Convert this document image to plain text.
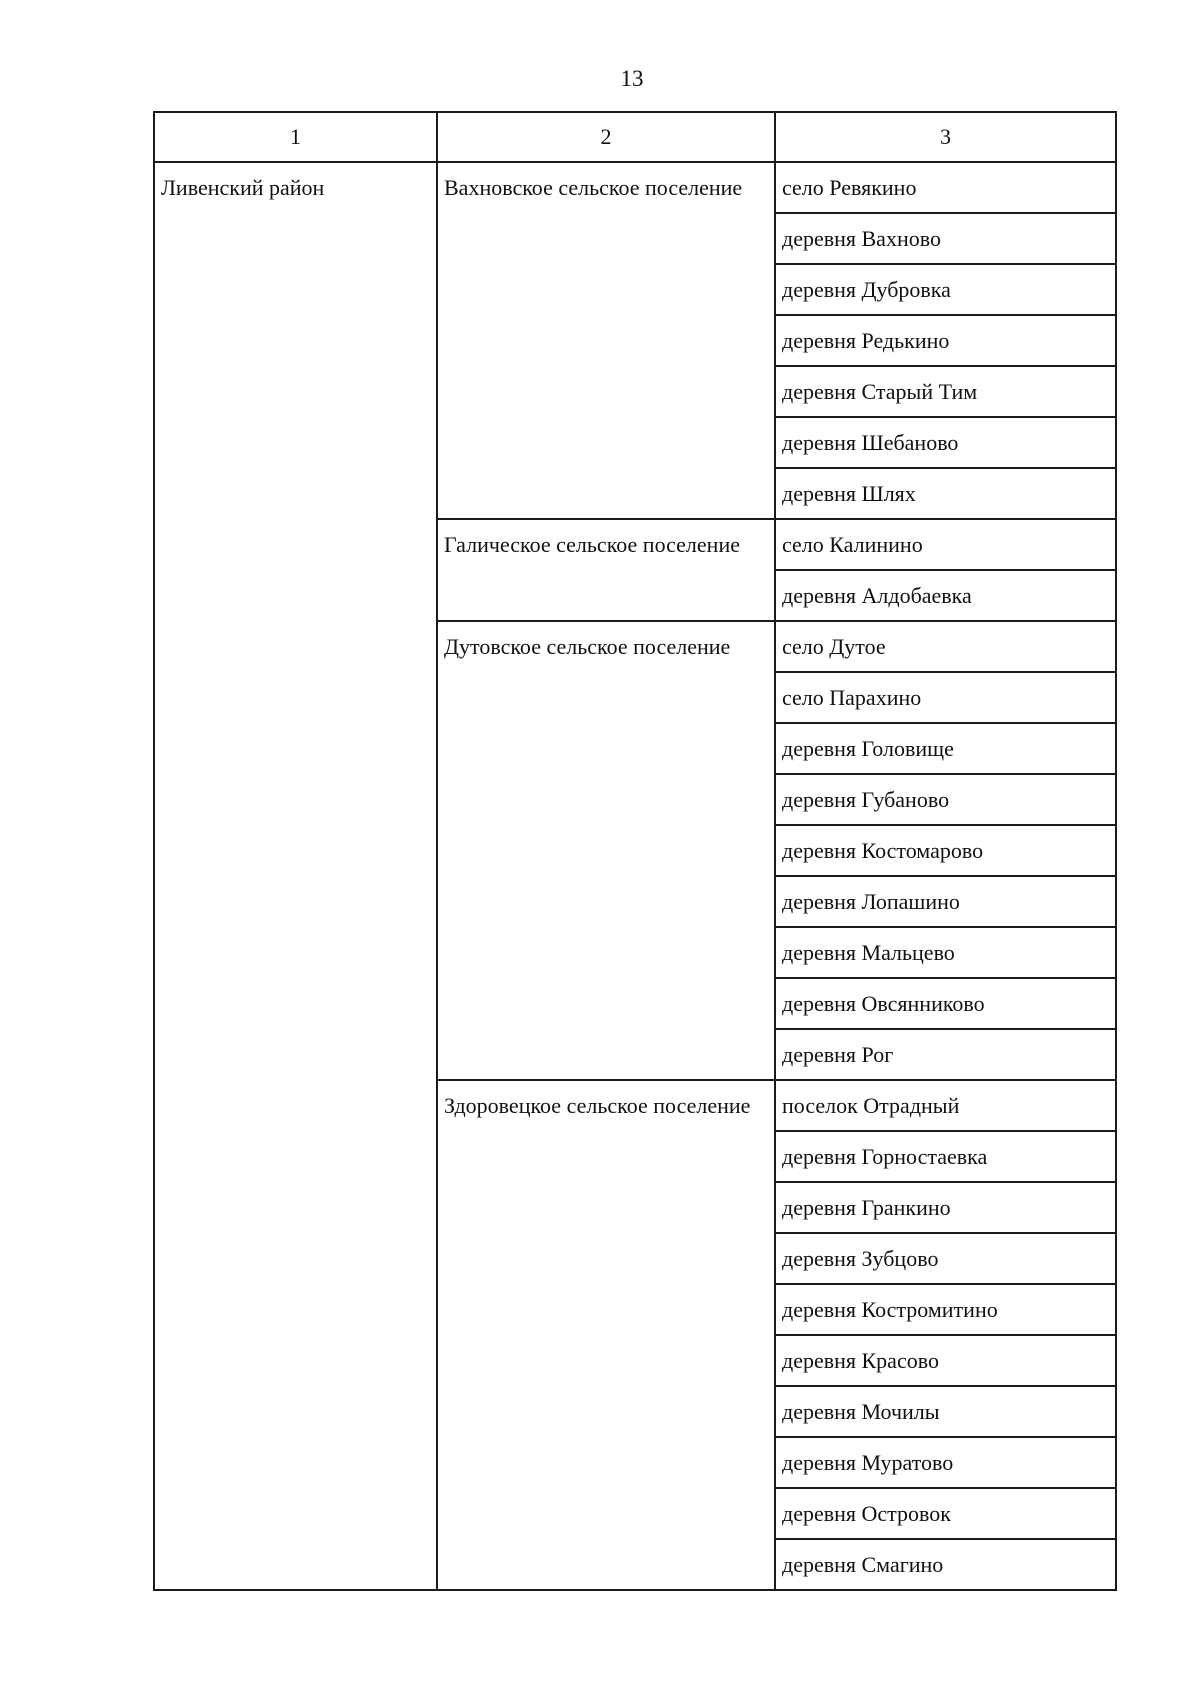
13
1	2	3
Ливенский район	Вахновское сельское поселение	село Ревякино
		деревня Вахново
		деревня Дубровка
		деревня Редькино
		деревня Старый Тим
		деревня Шебаново
		деревня Шлях
	Галическое сельское поселение	село Калинино
		деревня Алдобаевка
	Дутовское сельское поселение	село Дутое
		село Парахино
		деревня Головище
		деревня Губаново
		деревня Костомарово
		деревня Лопашино
		деревня Мальцево
		деревня Овсянниково
		деревня Рог
	Здоровецкое сельское поселение	поселок Отрадный
		деревня Горностаевка
		деревня Гранкино
		деревня Зубцово
		деревня Костромитино
		деревня Красово
		деревня Мочилы
		деревня Муратово
		деревня Островок
		деревня Смагино
